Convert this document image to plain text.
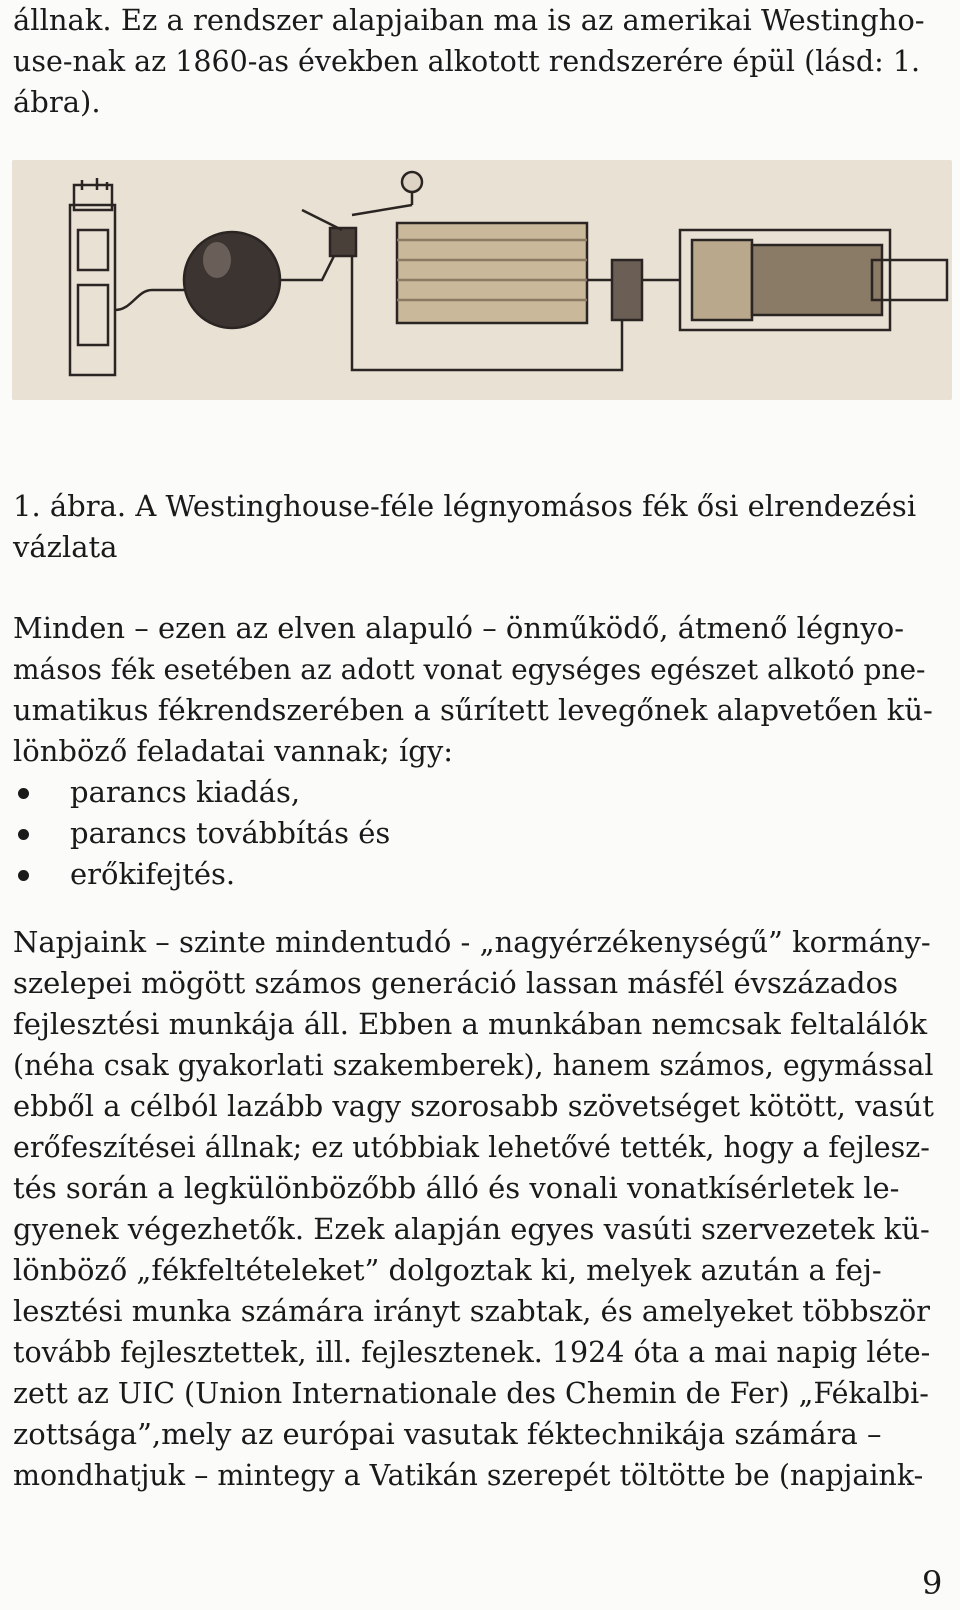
állnak. Ez a rendszer alapjaiban ma is az amerikai Westingho-
use-nak az 1860-as években alkotott rendszerére épül (lásd: 1.
ábra).
1. ábra. A Westinghouse-féle légnyomásos fék ősi elrendezési
vázlata
Minden – ezen az elven alapuló – önműködő, átmenő légnyo-
másos fék esetében az adott vonat egységes egészet alkotó pne-
umatikus fékrendszerében a sűrített levegőnek alapvetően kü-
lönböző feladatai vannak; így:
parancs kiadás,
parancs továbbítás és
erőkifejtés.
Napjaink – szinte mindentudó - „nagyérzékenységű” kormány-
szelepei mögött számos generáció lassan másfél évszázados
fejlesztési munkája áll. Ebben a munkában nemcsak feltalálók
(néha csak gyakorlati szakemberek), hanem számos, egymással
ebből a célból lazább vagy szorosabb szövetséget kötött, vasút
erőfeszítései állnak; ez utóbbiak lehetővé tették, hogy a fejlesz-
tés során a legkülönbözőbb álló és vonali vonatkísérletek le-
gyenek végezhetők. Ezek alapján egyes vasúti szervezetek kü-
lönböző „fékfeltételeket” dolgoztak ki, melyek azután a fej-
lesztési munka számára irányt szabtak, és amelyeket többször
tovább fejlesztettek, ill. fejlesztenek. 1924 óta a mai napig léte-
zett az UIC (Union Internationale des Chemin de Fer) „Fékalbi-
zottsága”,mely az európai vasutak féktechnikája számára –
mondhatjuk – mintegy a Vatikán szerepét töltötte be (napjaink-
9
